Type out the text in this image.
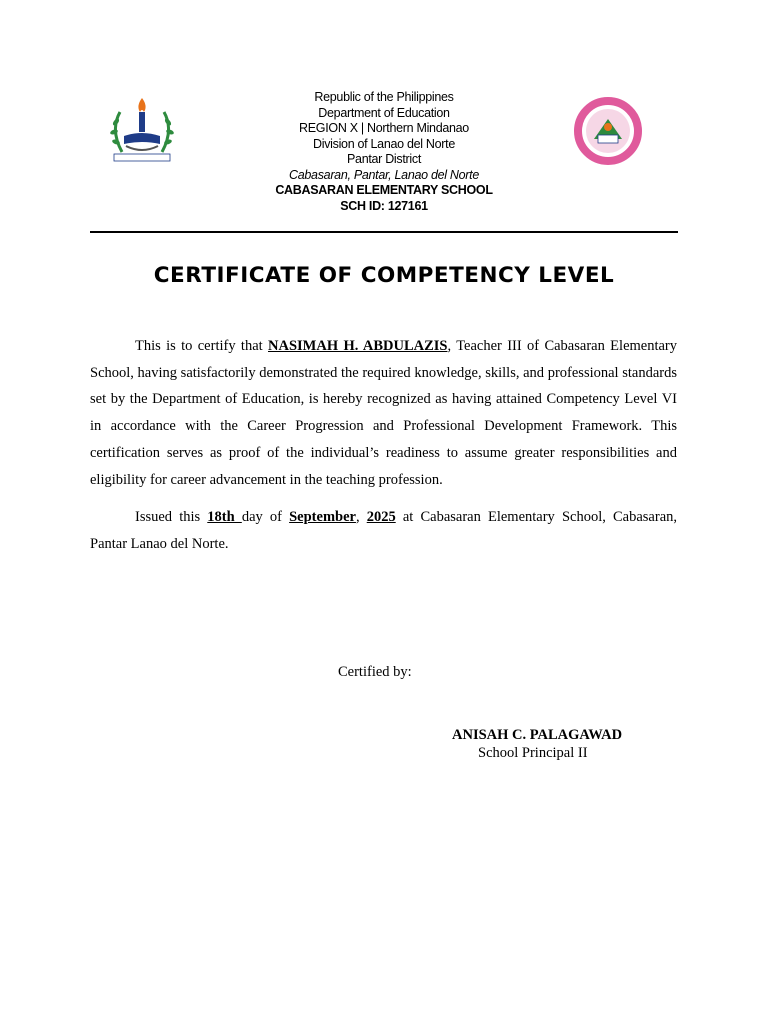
Republic of the Philippines
Department of Education
REGION X | Northern Mindanao
Division of Lanao del Norte
Pantar District
Cabasaran, Pantar, Lanao del Norte
CABASARAN ELEMENTARY SCHOOL
SCH ID: 127161
CERTIFICATE OF COMPETENCY LEVEL
This is to certify that NASIMAH H. ABDULAZIS, Teacher III of Cabasaran Elementary School, having satisfactorily demonstrated the required knowledge, skills, and professional standards set by the Department of Education, is hereby recognized as having attained Competency Level VI in accordance with the Career Progression and Professional Development Framework. This certification serves as proof of the individual’s readiness to assume greater responsibilities and eligibility for career advancement in the teaching profession.
Issued this 18th day of September, 2025 at Cabasaran Elementary School, Cabasaran, Pantar Lanao del Norte.
Certified by:
ANISAH C. PALAGAWAD
School Principal II
